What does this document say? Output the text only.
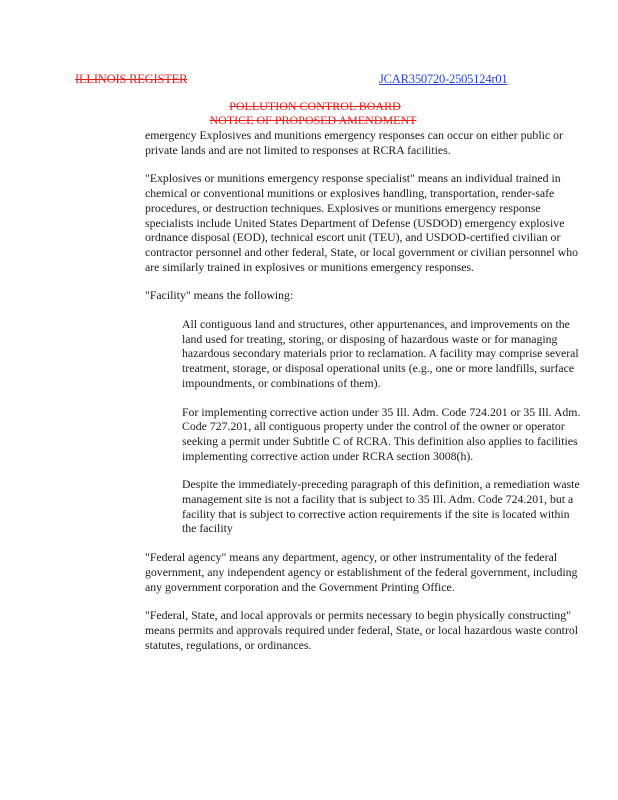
ILLINOIS REGISTER	JCAR350720-2505124r01
POLLUTION CONTROL BOARD
NOTICE OF PROPOSED AMENDMENT

emergency Explosives and munitions emergency responses can occur on either public or private lands and are not limited to responses at RCRA facilities.

"Explosives or munitions emergency response specialist" means an individual trained in chemical or conventional munitions or explosives handling, transportation, render-safe procedures, or destruction techniques. Explosives or munitions emergency response specialists include United States Department of Defense (USDOD) emergency explosive ordnance disposal (EOD), technical escort unit (TEU), and USDOD-certified civilian or contractor personnel and other federal, State, or local government or civilian personnel who are similarly trained in explosives or munitions emergency responses.

"Facility" means the following:

All contiguous land and structures, other appurtenances, and improvements on the land used for treating, storing, or disposing of hazardous waste or for managing hazardous secondary materials prior to reclamation. A facility may comprise several treatment, storage, or disposal operational units (e.g., one or more landfills, surface impoundments, or combinations of them).

For implementing corrective action under 35 Ill. Adm. Code 724.201 or 35 Ill. Adm. Code 727.201, all contiguous property under the control of the owner or operator seeking a permit under Subtitle C of RCRA. This definition also applies to facilities implementing corrective action under RCRA section 3008(h).

Despite the immediately-preceding paragraph of this definition, a remediation waste management site is not a facility that is subject to 35 Ill. Adm. Code 724.201, but a facility that is subject to corrective action requirements if the site is located within the facility

"Federal agency" means any department, agency, or other instrumentality of the federal government, any independent agency or establishment of the federal government, including any government corporation and the Government Printing Office.

"Federal, State, and local approvals or permits necessary to begin physically constructing" means permits and approvals required under federal, State, or local hazardous waste control statutes, regulations, or ordinances.
